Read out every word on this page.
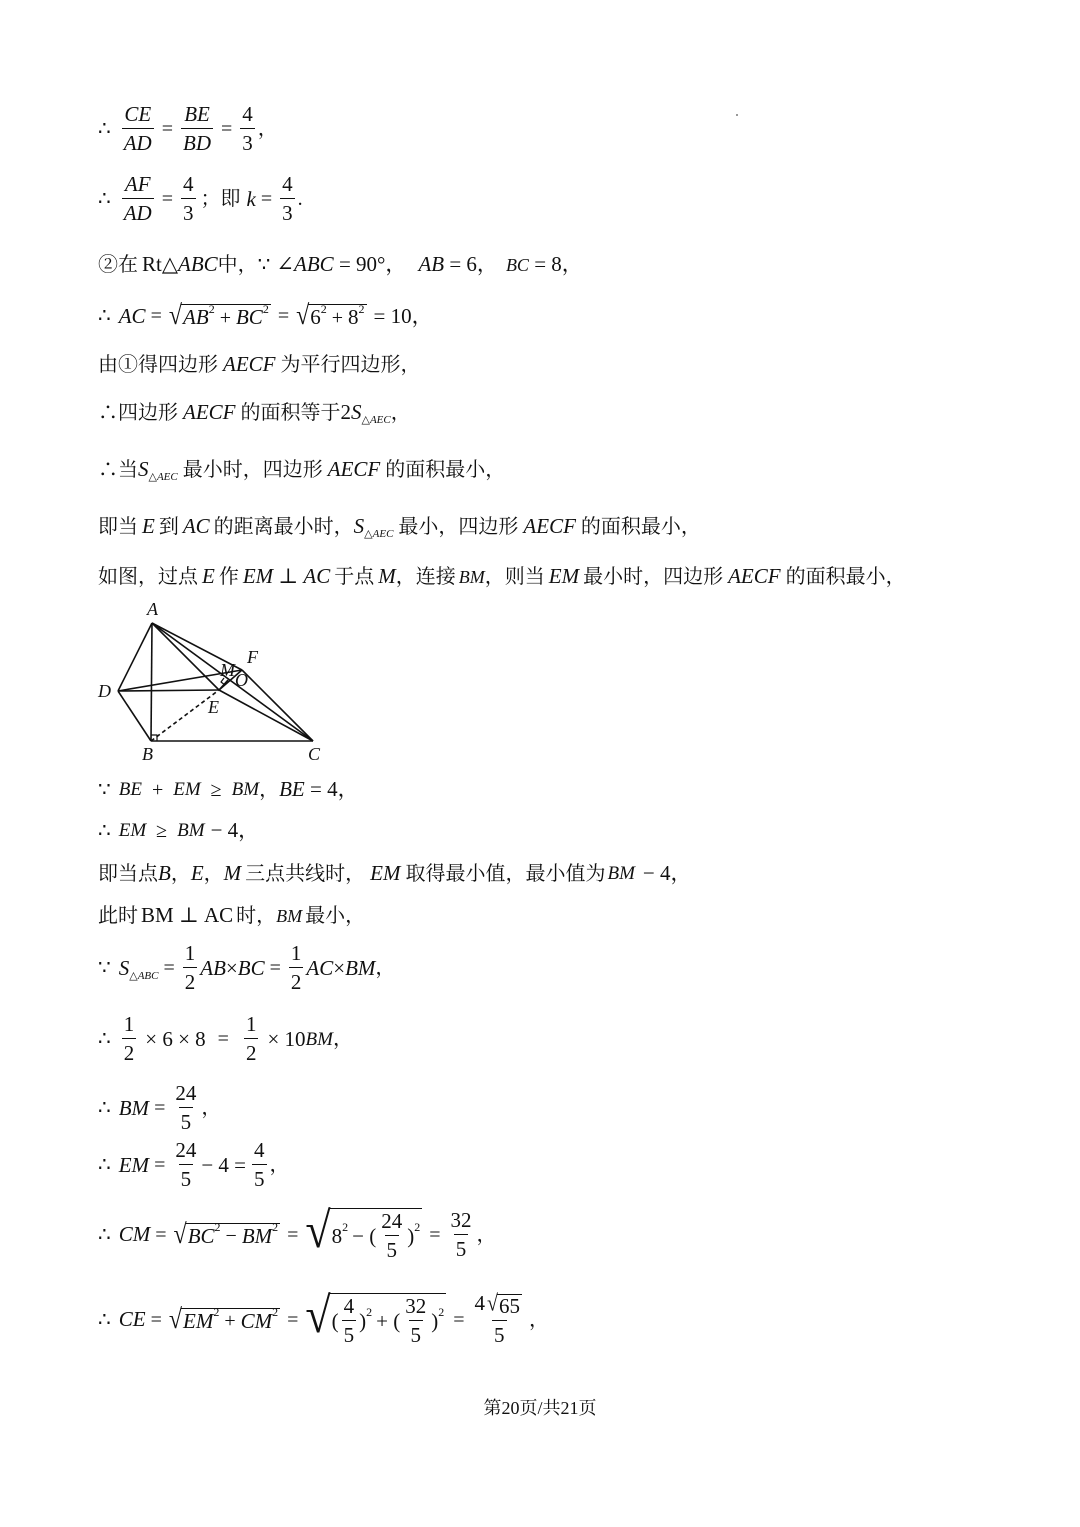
∴ $\frac{CE}{AD} = \frac{BE}{BD} = \frac{4}{3}$ ，
∴ $\frac{AF}{AD} = \frac{4}{3}$ ；即 $k = \frac{4}{3}$ .
②在 Rt △ ABC 中， ∵ ∠ ABC = 90°， AB = 6， BC = 8，
∴ AC = √ AB 2 + BC 2 = √ 6 2 + 8 2 = 10，
由①得四边形 AECF 为平行四边形，
∴四边形 AECF 的面积等于 2 S △AEC ，
∴当 S △AEC 最小时，四边形 AECF 的面积最小，
即当 E 到 AC 的距离最小时， S △AEC 最小，四边形 AECF 的面积最小，
如图，过点 E 作 EM ⊥ AC 于点 M ，连接 BM ，则当 EM 最小时，四边形 AECF 的面积最小，
A
B	C
D
E
F
M O
∵ BE + EM ≥ BM ， BE = 4，
∴ EM ≥ BM − 4，
即当点 B ， E ， M 三点共线时， EM 取得最小值，最小值为 BM − 4，
此时 BM ⊥ AC 时， BM 最小，
∵ S △ABC = $\frac{1}{2}$ AB × BC = $\frac{1}{2}$ AC × BM ，
∴ $\frac{1}{2} \times 6 \times 8 = \frac{1}{2} \times 10$ BM ，
∴ BM = $\frac{24}{5}$ ，
∴ EM = $\frac{24}{5} - 4 = \frac{4}{5}$ ，
∴ CM = √ BC 2 − BM 2 = √ 8 2 − ( $\frac{24}{5}$ ) $2 = \frac{32}{5}$ ，
∴ CE = √ EM 2 + CM 2 = √ ( $\frac{4}{5}$ ) 2 + ( $\frac{32}{5}$ ) $2 = \frac{4 √ 65}{5}$ ，
第20页/共21页
